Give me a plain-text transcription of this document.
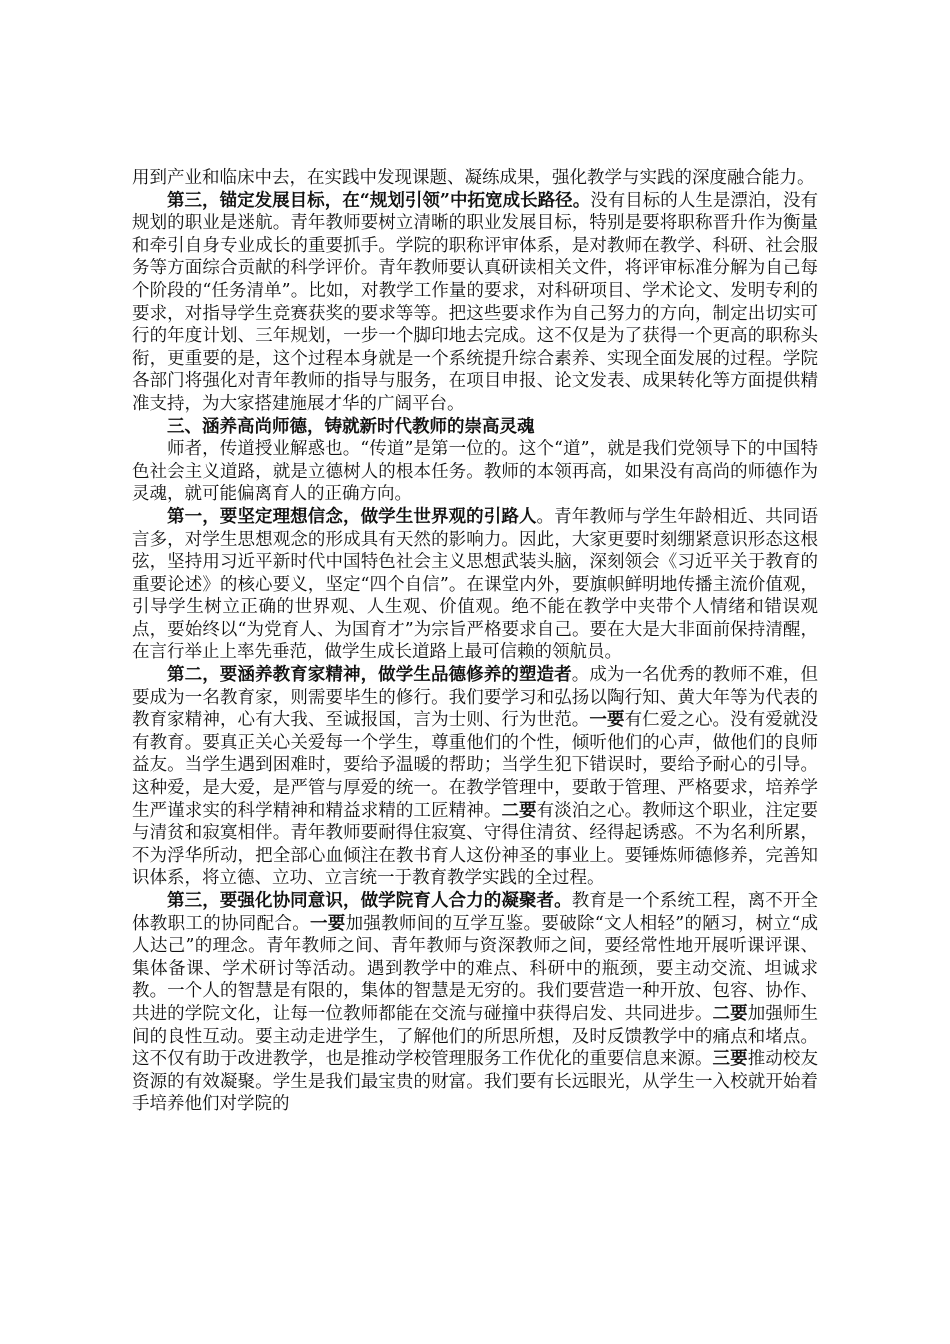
用到产业和临床中去，在实践中发现课题、凝练成果，强化教学与实践的深度融合能力。

第三，锚定发展目标，在“规划引领”中拓宽成长路径。没有目标的人生是漂泊，没有规划的职业是迷航。青年教师要树立清晰的职业发展目标，特别是要将职称晋升作为衡量和牵引自身专业成长的重要抓手。学院的职称评审体系，是对教师在教学、科研、社会服务等方面综合贡献的科学评价。青年教师要认真研读相关文件，将评审标准分解为自己每个阶段的“任务清单”。比如，对教学工作量的要求，对科研项目、学术论文、发明专利的要求，对指导学生竞赛获奖的要求等等。把这些要求作为自己努力的方向，制定出切实可行的年度计划、三年规划，一步一个脚印地去完成。这不仅是为了获得一个更高的职称头衔，更重要的是，这个过程本身就是一个系统提升综合素养、实现全面发展的过程。学院各部门将强化对青年教师的指导与服务，在项目申报、论文发表、成果转化等方面提供精准支持，为大家搭建施展才华的广阔平台。

三、涵养高尚师德，铸就新时代教师的崇高灵魂

师者，传道授业解惑也。“传道”是第一位的。这个“道”，就是我们党领导下的中国特色社会主义道路，就是立德树人的根本任务。教师的本领再高，如果没有高尚的师德作为灵魂，就可能偏离育人的正确方向。

第一，要坚定理想信念，做学生世界观的引路人。青年教师与学生年龄相近、共同语言多，对学生思想观念的形成具有天然的影响力。因此，大家更要时刻绷紧意识形态这根弦，坚持用习近平新时代中国特色社会主义思想武装头脑，深刻领会《习近平关于教育的重要论述》的核心要义，坚定“四个自信”。在课堂内外，要旗帜鲜明地传播主流价值观，引导学生树立正确的世界观、人生观、价值观。绝不能在教学中夹带个人情绪和错误观点，要始终以“为党育人、为国育才”为宗旨严格要求自己。要在大是大非面前保持清醒，在言行举止上率先垂范，做学生成长道路上最可信赖的领航员。

第二，要涵养教育家精神，做学生品德修养的塑造者。成为一名优秀的教师不难，但要成为一名教育家，则需要毕生的修行。我们要学习和弘扬以陶行知、黄大年等为代表的教育家精神，心有大我、至诚报国，言为士则、行为世范。一要有仁爱之心。没有爱就没有教育。要真正关心关爱每一个学生，尊重他们的个性，倾听他们的心声，做他们的良师益友。当学生遇到困难时，要给予温暖的帮助；当学生犯下错误时，要给予耐心的引导。这种爱，是大爱，是严管与厚爱的统一。在教学管理中，要敢于管理、严格要求，培养学生严谨求实的科学精神和精益求精的工匠精神。二要有淡泊之心。教师这个职业，注定要与清贫和寂寞相伴。青年教师要耐得住寂寞、守得住清贫、经得起诱惑。不为名利所累，不为浮华所动，把全部心血倾注在教书育人这份神圣的事业上。要锤炼师德修养，完善知识体系，将立德、立功、立言统一于教育教学实践的全过程。

第三，要强化协同意识，做学院育人合力的凝聚者。教育是一个系统工程，离不开全体教职工的协同配合。一要加强教师间的互学互鉴。要破除“文人相轻”的陋习，树立“成人达己”的理念。青年教师之间、青年教师与资深教师之间，要经常性地开展听课评课、集体备课、学术研讨等活动。遇到教学中的难点、科研中的瓶颈，要主动交流、坦诚求教。一个人的智慧是有限的，集体的智慧是无穷的。我们要营造一种开放、包容、协作、共进的学院文化，让每一位教师都能在交流与碰撞中获得启发、共同进步。二要加强师生间的良性互动。要主动走进学生，了解他们的所思所想，及时反馈教学中的痛点和堵点。这不仅有助于改进教学，也是推动学校管理服务工作优化的重要信息来源。三要推动校友资源的有效凝聚。学生是我们最宝贵的财富。我们要有长远眼光，从学生一入校就开始着手培养他们对学院的
